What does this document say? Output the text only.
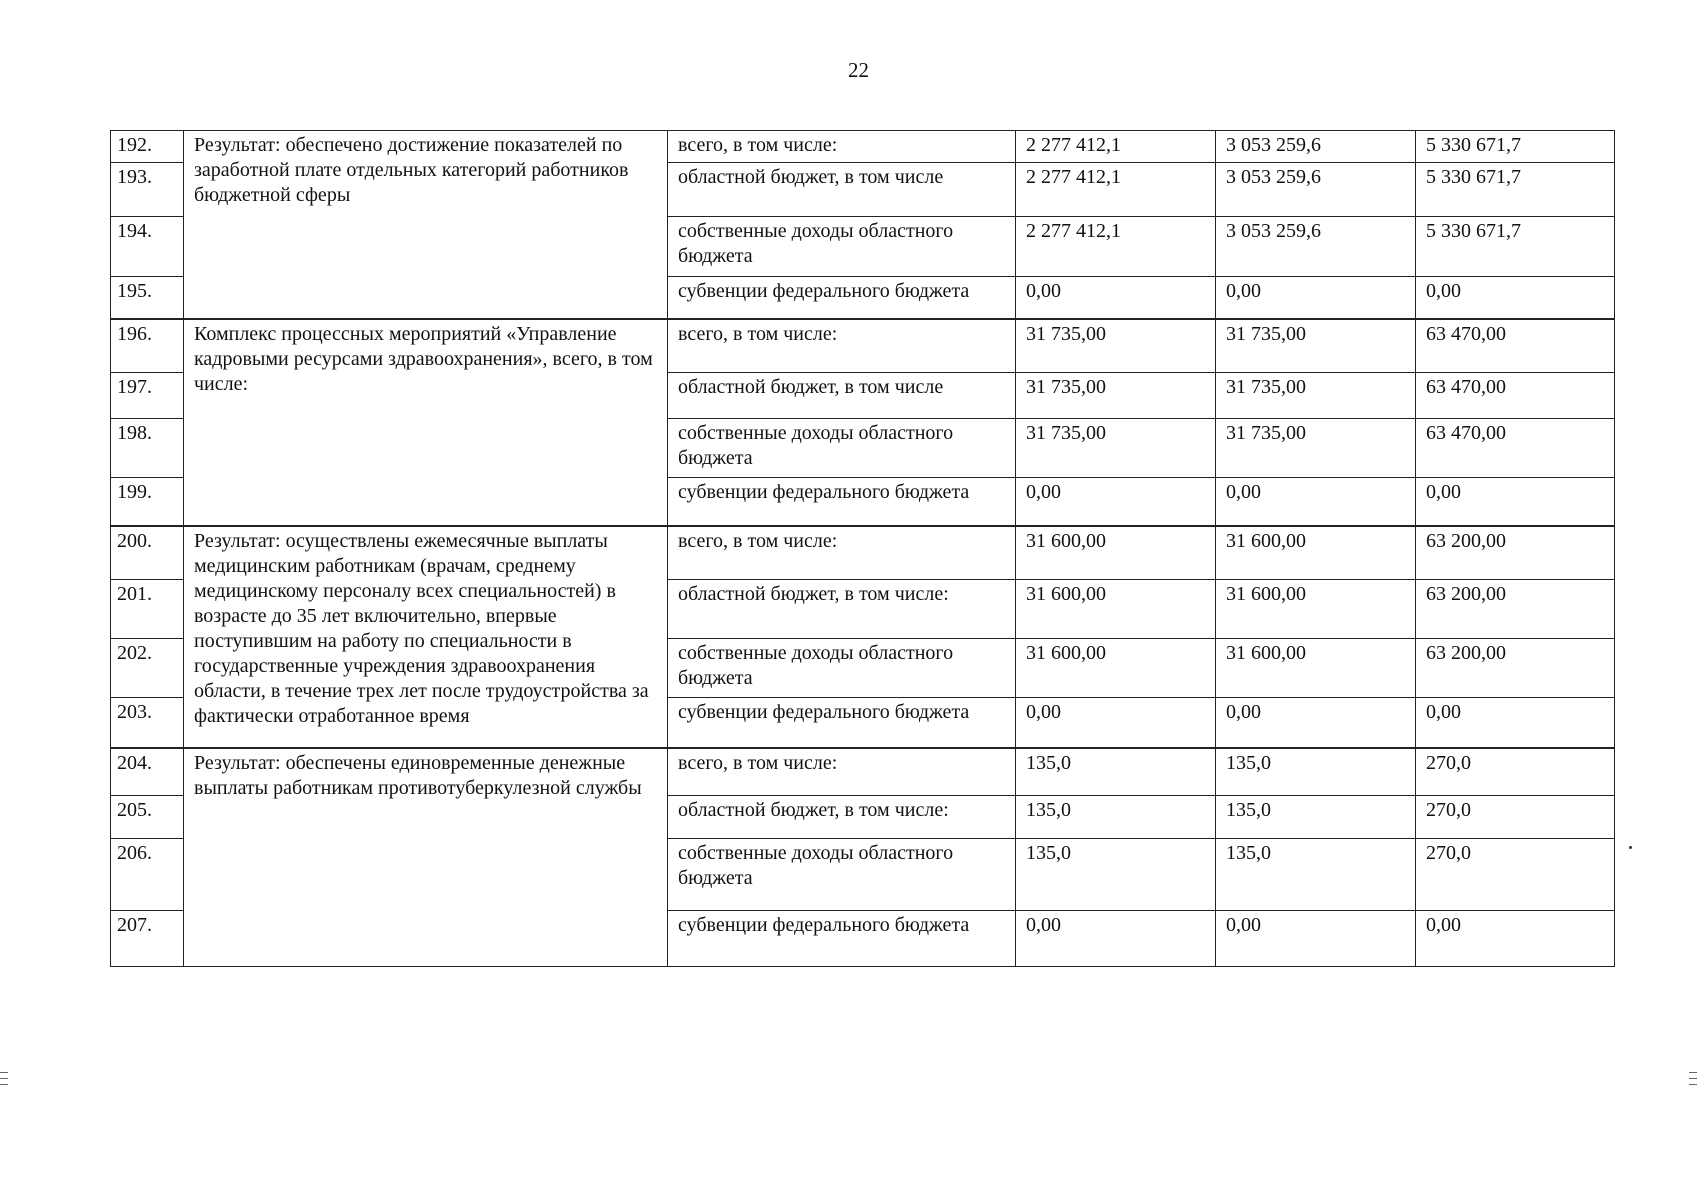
22
192.	Результат: обеспечено достижение показателей по заработной плате отдельных категорий работников бюджетной сферы	всего, в том числе:	2 277 412,1	3 053 259,6	5 330 671,7
193.		областной бюджет, в том числе	2 277 412,1	3 053 259,6	5 330 671,7
194.		собственные доходы областного бюджета	2 277 412,1	3 053 259,6	5 330 671,7
195.		субвенции федерального бюджета	0,00	0,00	0,00
196.	Комплекс процессных мероприятий «Управление кадровыми ресурсами здравоохранения», всего, в том числе:	всего, в том числе:	31 735,00	31 735,00	63 470,00
197.		областной бюджет, в том числе	31 735,00	31 735,00	63 470,00
198.		собственные доходы областного бюджета	31 735,00	31 735,00	63 470,00
199.		субвенции федерального бюджета	0,00	0,00	0,00
200.	Результат: осуществлены ежемесячные выплаты медицинским работникам (врачам, среднему медицинскому персоналу всех специальностей) в возрасте до 35 лет включительно, впервые поступившим на работу по специальности в государственные учреждения здравоохранения области, в течение трех лет после трудоустройства за фактически отработанное время	всего, в том числе:	31 600,00	31 600,00	63 200,00
201.		областной бюджет, в том числе:	31 600,00	31 600,00	63 200,00
202.		собственные доходы областного бюджета	31 600,00	31 600,00	63 200,00
203.		субвенции федерального бюджета	0,00	0,00	0,00
204.	Результат: обеспечены единовременные денежные выплаты работникам противотуберкулезной службы	всего, в том числе:	135,0	135,0	270,0
205.		областной бюджет, в том числе:	135,0	135,0	270,0
206.		собственные доходы областного бюджета	135,0	135,0	270,0
207.		субвенции федерального бюджета	0,00	0,00	0,00
